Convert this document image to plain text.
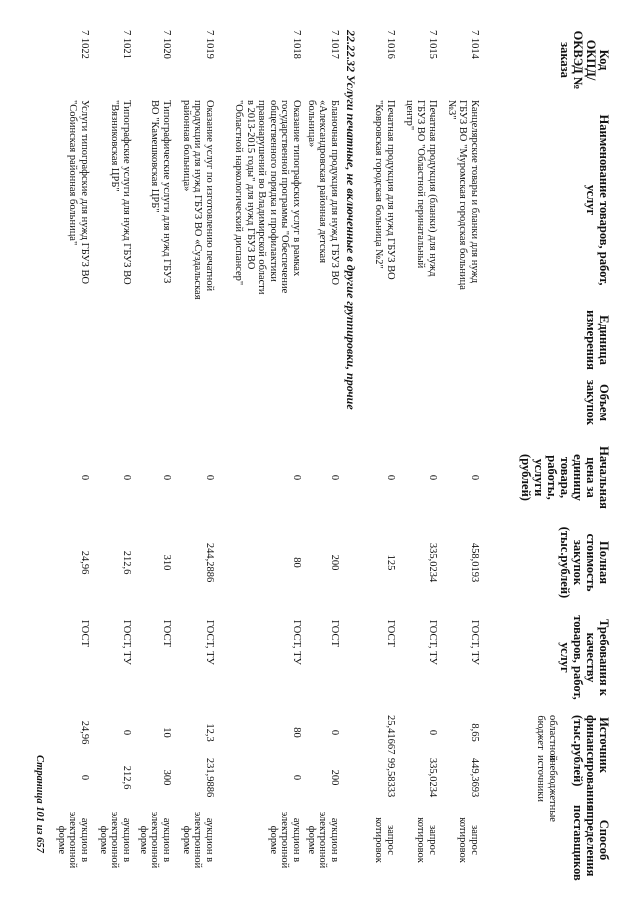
Код ОКПД/ ОКВЭД № заказа
Наименование товаров, работ, услуг
Единица измерения
Объем закупок
Начальная цена за единицу товара, работы, услуги (рублей)
Полная стоимость закупок (тыс.рублей)
Требования к качеству товаров, работ, услуг
Источник финансирования (тыс.рублей)
областной бюджет
внебюджетные источники
Способ определения поставщиков
7 1014
Канцелярские товары и бланки для нужд ГБУЗ ВО "Муромская городская больница №3"
0
458,0193
ГОСТ, ТУ
8,65
449,3693
запрос котировок
7 1015
Печатная продукция (бланки) для нужд ГБУЗ ВО "Областной перинатальный центр"
0
335,0234
ГОСТ, ТУ
0
335,0234
запрос котировок
7 1016
Печатная продукция для нужд ГБУЗ ВО "Ковровская городская больница №2"
0
125
ГОСТ
25,41667
99,58333
запрос котировок
22.22.32 Услуги печатные, не включенные в другие группировки, прочие
7 1017
Бланочная продукция для нужд ГБУЗ ВО «Александровская районная детская больница»
0
200
ГОСТ
0
200
аукцион в электронной форме
7 1018
Оказание типографских услуг в рамках государственной программы "Обеспечение общественного порядка и профилактики правонарушений во Владимирской области в 2013-2015 годы" для нужд ГБУЗ ВО "Областной наркологический диспансер"
0
80
ГОСТ, ТУ
80
0
аукцион в электронной форме
7 1019
Оказание услуг по изготовлению печатной продукции для нужд ГБУЗ ВО «Суздальская районная больница»
0
244,2886
ГОСТ, ТУ
12,3
231,9886
аукцион в электронной форме
7 1020
Типографические услуги для нужд ГБУЗ ВО "Камешковская ЦРБ"
0
310
ГОСТ
10
300
аукцион в электронной форме
7 1021
Типографские услуги для нужд ГБУЗ ВО "Вязниковская ЦРБ"
0
212,6
ГОСТ, ТУ
0
212,6
аукцион в электронной форме
7 1022
Услуги типографские для нужд ГБУЗ ВО "Собинская районная больница"
0
24,96
ГОСТ
24,96
0
аукцион в электронной форме
Страница 101 из 657
